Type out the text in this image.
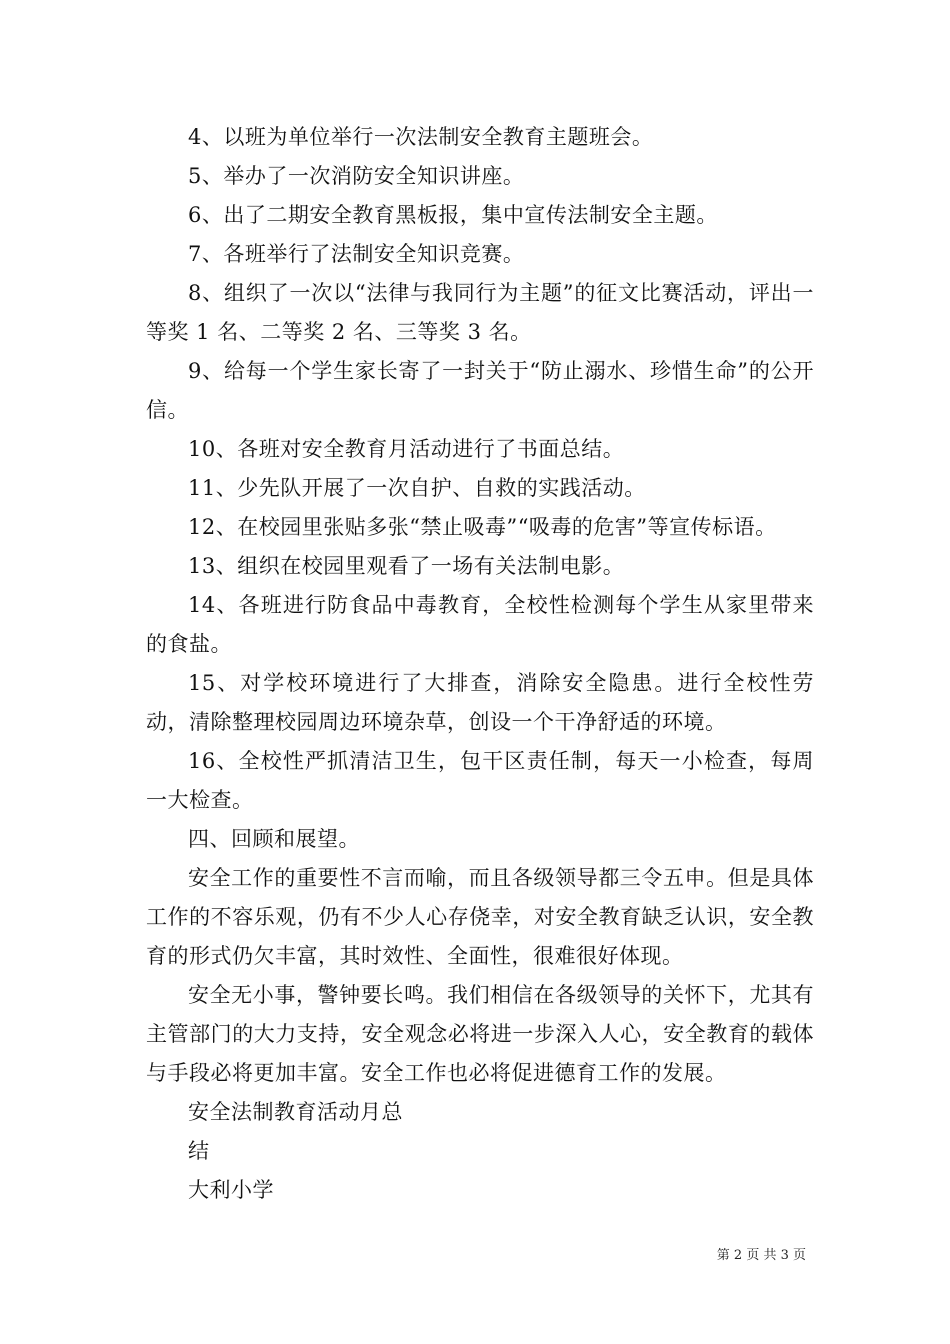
4、以班为单位举行一次法制安全教育主题班会。

5、举办了一次消防安全知识讲座。

6、出了二期安全教育黑板报，集中宣传法制安全主题。

7、各班举行了法制安全知识竞赛。

8、组织了一次以“法律与我同行为主题”的征文比赛活动，评出一等奖 1 名、二等奖 2 名、三等奖 3 名。

9、给每一个学生家长寄了一封关于“防止溺水、珍惜生命”的公开信。

10、各班对安全教育月活动进行了书面总结。

11、少先队开展了一次自护、自救的实践活动。

12、在校园里张贴多张“禁止吸毒”“吸毒的危害”等宣传标语。

13、组织在校园里观看了一场有关法制电影。

14、各班进行防食品中毒教育，全校性检测每个学生从家里带来的食盐。

15、对学校环境进行了大排查，消除安全隐患。进行全校性劳动，清除整理校园周边环境杂草，创设一个干净舒适的环境。

16、全校性严抓清洁卫生，包干区责任制，每天一小检查，每周一大检查。

四、回顾和展望。

安全工作的重要性不言而喻，而且各级领导都三令五申。但是具体工作的不容乐观，仍有不少人心存侥幸，对安全教育缺乏认识，安全教育的形式仍欠丰富，其时效性、全面性，很难很好体现。

安全无小事，警钟要长鸣。我们相信在各级领导的关怀下，尤其有主管部门的大力支持，安全观念必将进一步深入人心，安全教育的载体与手段必将更加丰富。安全工作也必将促进德育工作的发展。

安全法制教育活动月总

结

大利小学

第 2 页 共 3 页
